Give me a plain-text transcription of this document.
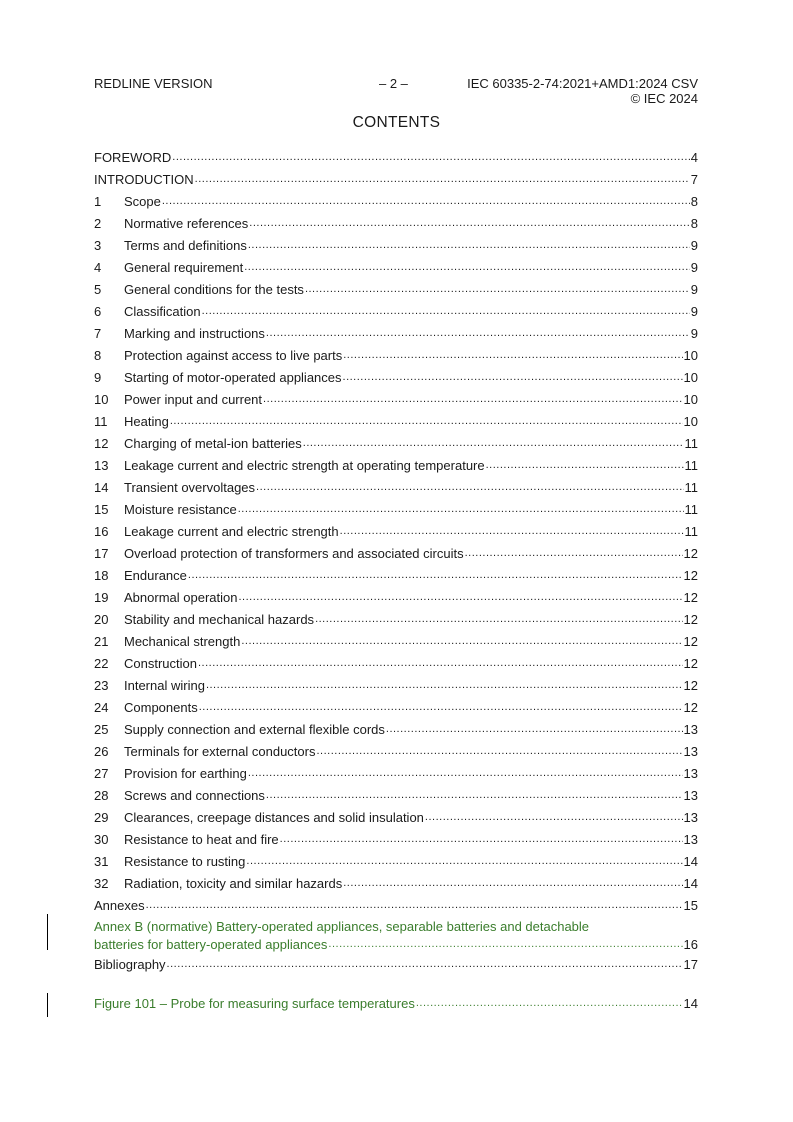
REDLINE VERSION	– 2 –	IEC 60335-2-74:2021+AMD1:2024 CSV
© IEC 2024
CONTENTS
FOREWORD .....	4
INTRODUCTION .....	7
1	Scope .....	8
2	Normative references .....	8
3	Terms and definitions .....	9
4	General requirement .....	9
5	General conditions for the tests .....	9
6	Classification .....	9
7	Marking and instructions .....	9
8	Protection against access to live parts .....	10
9	Starting of motor-operated appliances .....	10
10	Power input and current .....	10
11	Heating .....	10
12	Charging of metal-ion batteries .....	11
13	Leakage current and electric strength at operating temperature .....	11
14	Transient overvoltages .....	11
15	Moisture resistance .....	11
16	Leakage current and electric strength .....	11
17	Overload protection of transformers and associated circuits .....	12
18	Endurance .....	12
19	Abnormal operation .....	12
20	Stability and mechanical hazards .....	12
21	Mechanical strength .....	12
22	Construction .....	12
23	Internal wiring .....	12
24	Components .....	12
25	Supply connection and external flexible cords .....	13
26	Terminals for external conductors .....	13
27	Provision for earthing .....	13
28	Screws and connections .....	13
29	Clearances, creepage distances and solid insulation .....	13
30	Resistance to heat and fire .....	13
31	Resistance to rusting .....	14
32	Radiation, toxicity and similar hazards .....	14
Annexes .....	15
Annex B (normative) Battery-operated appliances, separable batteries and detachable
batteries for battery-operated appliances .....	16
Bibliography .....	17
Figure 101 – Probe for measuring surface temperatures .....	14
